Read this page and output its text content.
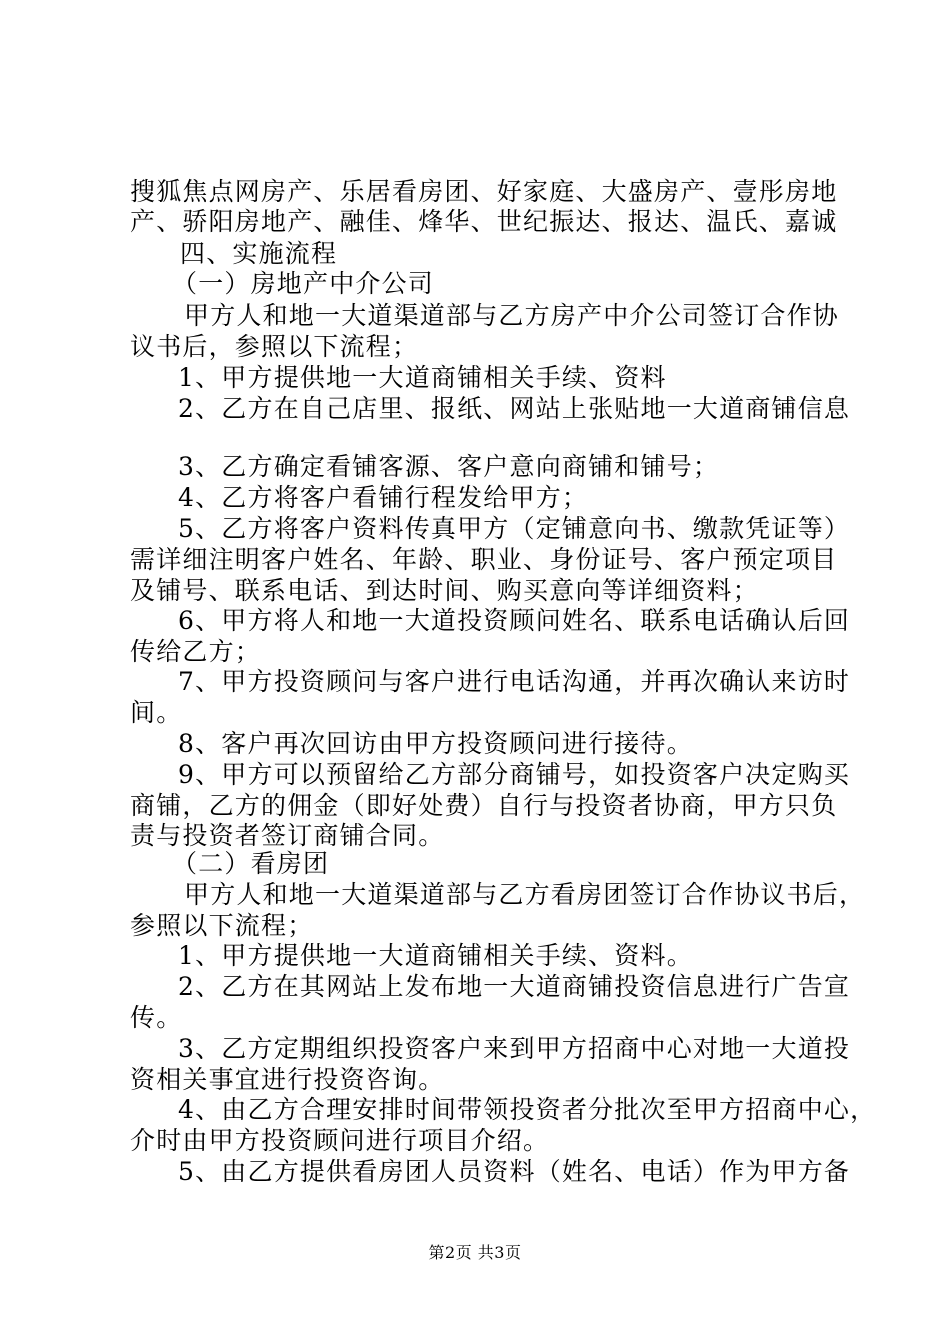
搜狐焦点网房产、乐居看房团、好家庭、大盛房产、壹彤房地
产、骄阳房地产、融佳、烽华、世纪振达、报达、温氏、嘉诚
四、实施流程
（一）房地产中介公司
甲方人和地一大道渠道部与乙方房产中介公司签订合作协
议书后，参照以下流程；
1、甲方提供地一大道商铺相关手续、资料
2、乙方在自己店里、报纸、网站上张贴地一大道商铺信息
3、乙方确定看铺客源、客户意向商铺和铺号；
4、乙方将客户看铺行程发给甲方；
5、乙方将客户资料传真甲方（定铺意向书、缴款凭证等）
需详细注明客户姓名、年龄、职业、身份证号、客户预定项目
及铺号、联系电话、到达时间、购买意向等详细资料；
6、甲方将人和地一大道投资顾问姓名、联系电话确认后回
传给乙方；
7、甲方投资顾问与客户进行电话沟通，并再次确认来访时
间。
8、客户再次回访由甲方投资顾问进行接待。
9、甲方可以预留给乙方部分商铺号，如投资客户决定购买
商铺，乙方的佣金（即好处费）自行与投资者协商，甲方只负
责与投资者签订商铺合同。
（二）看房团
甲方人和地一大道渠道部与乙方看房团签订合作协议书后，
参照以下流程；
1、甲方提供地一大道商铺相关手续、资料。
2、乙方在其网站上发布地一大道商铺投资信息进行广告宣
传。
3、乙方定期组织投资客户来到甲方招商中心对地一大道投
资相关事宜进行投资咨询。
4、由乙方合理安排时间带领投资者分批次至甲方招商中心，
介时由甲方投资顾问进行项目介绍。
5、由乙方提供看房团人员资料（姓名、电话）作为甲方备
第2页 共3页
